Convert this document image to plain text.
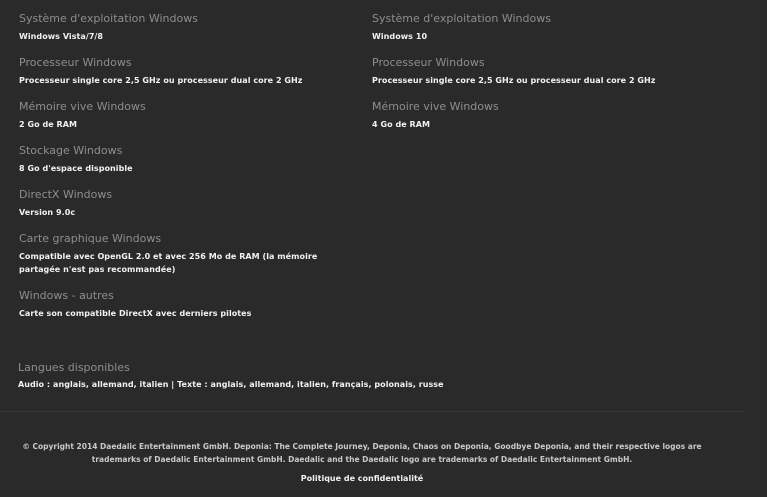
Système d'exploitation Windows
Windows Vista/7/8
Processeur Windows
Processeur single core 2,5 GHz ou processeur dual core 2 GHz
Mémoire vive Windows
2 Go de RAM
Stockage Windows
8 Go d'espace disponible
DirectX Windows
Version 9.0c
Carte graphique Windows
Compatible avec OpenGL 2.0 et avec 256 Mo de RAM (la mémoire partagée n'est pas recommandée)
Windows - autres
Carte son compatible DirectX avec derniers pilotes
Système d'exploitation Windows
Windows 10
Processeur Windows
Processeur single core 2,5 GHz ou processeur dual core 2 GHz
Mémoire vive Windows
4 Go de RAM
Langues disponibles
Audio : anglais, allemand, italien | Texte : anglais, allemand, italien, français, polonais, russe
© Copyright 2014 Daedalic Entertainment GmbH. Deponia: The Complete Journey, Deponia, Chaos on Deponia, Goodbye Deponia, and their respective logos are
trademarks of Daedalic Entertainment GmbH. Daedalic and the Daedalic logo are trademarks of Daedalic Entertainment GmbH.
Politique de confidentialité
